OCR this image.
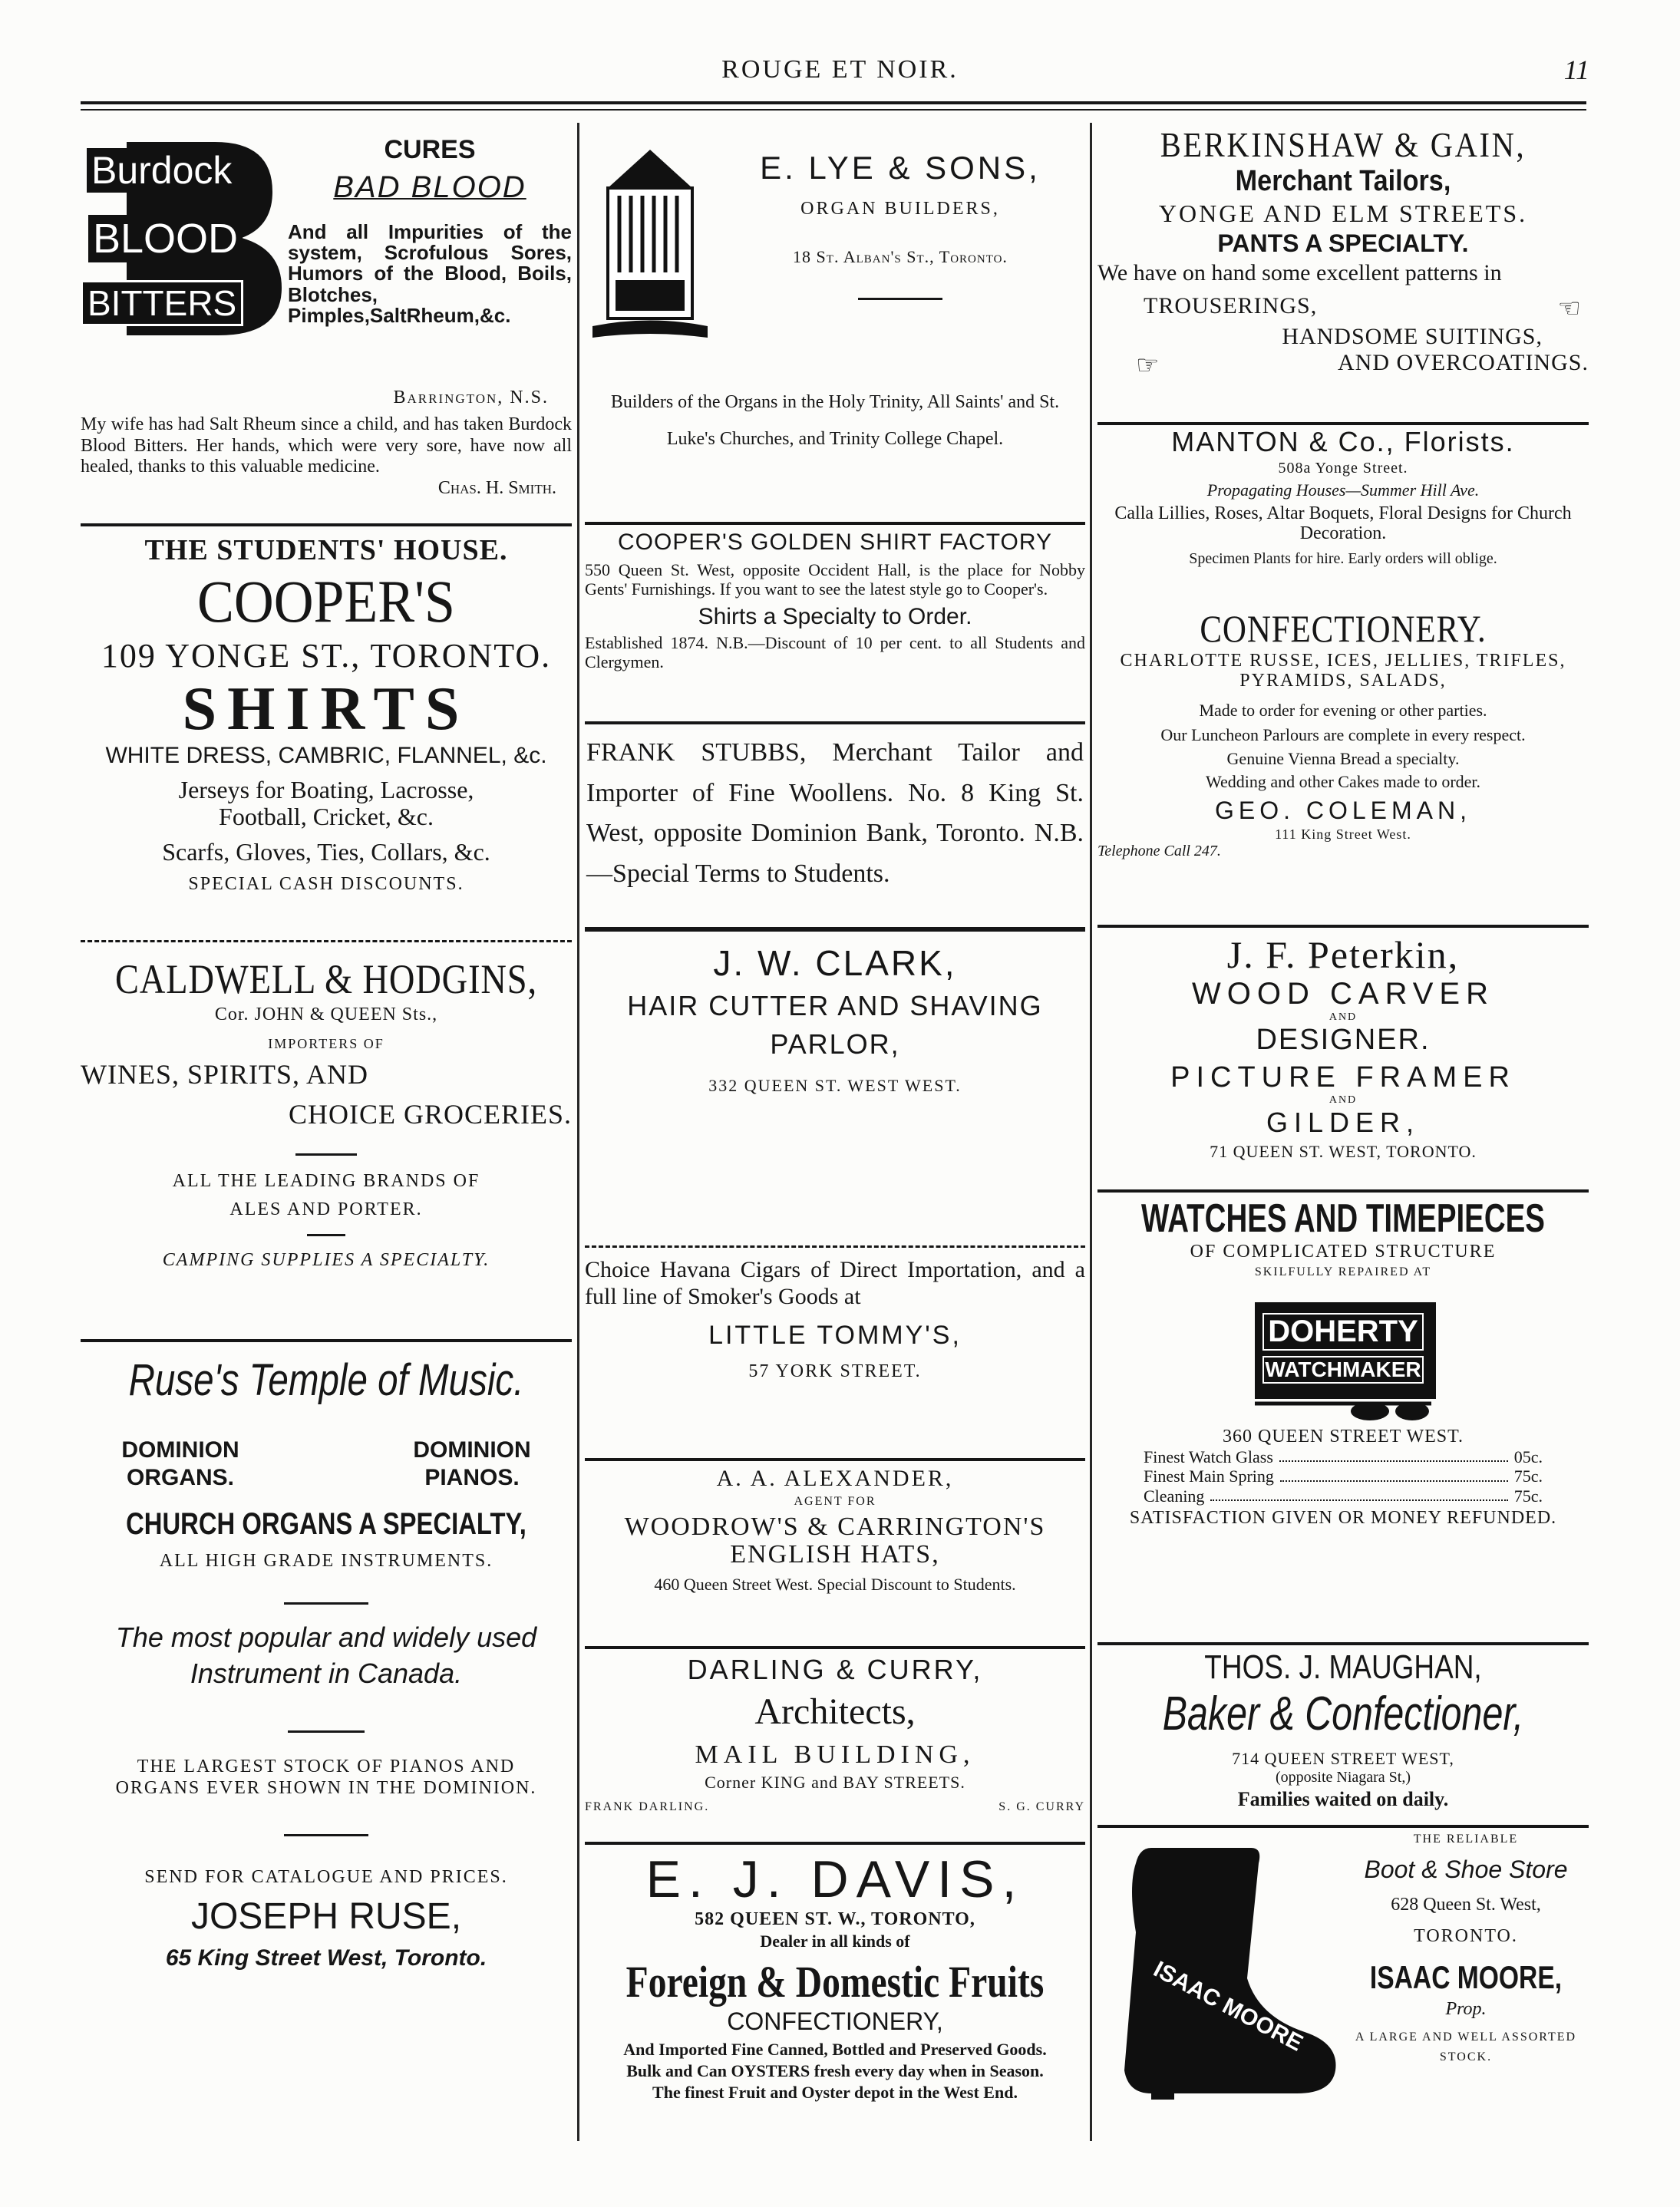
ROUGE ET NOIR.	11
Burdock
BLOOD
BITTERS
CURES
BAD BLOOD
And all Impurities of the system, Scrofulous Sores, Humors of the Blood, Boils, Blotches, Pimples,SaltRheum,&c.
Barrington, N.S.
My wife has had Salt Rheum since a child, and has taken Burdock Blood Bitters. Her hands, which were very sore, have now all healed, thanks to this valuable medicine.
Chas. H. Smith.
THE STUDENTS' HOUSE.
COOPER'S
109 YONGE ST., TORONTO.
SHIRTS
WHITE DRESS, CAMBRIC, FLANNEL, &c.
Jerseys for Boating, Lacrosse, Football, Cricket, &c.
Scarfs, Gloves, Ties, Collars, &c.
SPECIAL CASH DISCOUNTS.
CALDWELL & HODGINS,
Cor. JOHN & QUEEN Sts.,
IMPORTERS OF
WINES, SPIRITS, AND
CHOICE GROCERIES.
ALL THE LEADING BRANDS OF
ALES AND PORTER.
CAMPING SUPPLIES A SPECIALTY.
Ruse's Temple of Music.
DOMINION ORGANS.
DOMINION PIANOS.
CHURCH ORGANS A SPECIALTY,
ALL HIGH GRADE INSTRUMENTS.
The most popular and widely used Instrument in Canada.
THE LARGEST STOCK OF PIANOS AND ORGANS EVER SHOWN IN THE DOMINION.
SEND FOR CATALOGUE AND PRICES.
JOSEPH RUSE,
65 King Street West, Toronto.
E. LYE & SONS,
ORGAN BUILDERS,
18 St. Alban's St., Toronto.
Builders of the Organs in the Holy Trinity, All Saints' and St. Luke's Churches, and Trinity College Chapel.
COOPER'S GOLDEN SHIRT FACTORY
550 Queen St. West, opposite Occident Hall, is the place for Nobby Gents' Furnishings. If you want to see the latest style go to Cooper's.
Shirts a Specialty to Order.
Established 1874. N.B.—Discount of 10 per cent. to all Students and Clergymen.
FRANK STUBBS, Merchant Tailor and Importer of Fine Woollens. No. 8 King St. West, opposite Dominion Bank, Toronto. N.B.—Special Terms to Students.
J. W. CLARK,
HAIR CUTTER AND SHAVING
PARLOR,
332 QUEEN ST. WEST WEST.
Choice Havana Cigars of Direct Importation, and a full line of Smoker's Goods at
LITTLE TOMMY'S,
57 YORK STREET.
A. A. ALEXANDER,
AGENT FOR
WOODROW'S & CARRINGTON'S ENGLISH HATS,
460 Queen Street West. Special Discount to Students.
DARLING & CURRY,
Architects,
MAIL BUILDING,
Corner KING and BAY STREETS.
FRANK DARLING.	S. G. CURRY
E. J. DAVIS,
582 QUEEN ST. W., TORONTO,
Dealer in all kinds of
Foreign & Domestic Fruits
CONFECTIONERY,
And Imported Fine Canned, Bottled and Preserved Goods.
Bulk and Can OYSTERS fresh every day when in Season.
The finest Fruit and Oyster depot in the West End.
BERKINSHAW & GAIN,
Merchant Tailors,
YONGE AND ELM STREETS.
PANTS A SPECIALTY.
We have on hand some excellent patterns in
TROUSERINGS,	☜
HANDSOME SUITINGS,
☞	AND OVERCOATINGS.
MANTON & Co., Florists.
508a Yonge Street.
Propagating Houses—Summer Hill Ave.
Calla Lillies, Roses, Altar Boquets, Floral Designs for Church Decoration.
Specimen Plants for hire. Early orders will oblige.
CONFECTIONERY.
CHARLOTTE RUSSE, ICES, JELLIES, TRIFLES, PYRAMIDS, SALADS,
Made to order for evening or other parties.
Our Luncheon Parlours are complete in every respect.
Genuine Vienna Bread a specialty.
Wedding and other Cakes made to order.
GEO. COLEMAN,
111 King Street West.
Telephone Call 247.
J. F. Peterkin,
WOOD CARVER
AND
DESIGNER.
PICTURE FRAMER
AND
GILDER,
71 QUEEN ST. WEST, TORONTO.
WATCHES AND TIMEPIECES
OF COMPLICATED STRUCTURE
SKILFULLY REPAIRED AT
DOHERTY
WATCHMAKER
360 QUEEN STREET WEST.
Finest Watch Glass	05c.
Finest Main Spring	75c.
Cleaning	75c.
SATISFACTION GIVEN OR MONEY REFUNDED.
THOS. J. MAUGHAN,
Baker & Confectioner,
714 QUEEN STREET WEST,
(opposite Niagara St,)
Families waited on daily.
ISAAC MOORE
THE RELIABLE
Boot & Shoe Store
628 Queen St. West,
TORONTO.
ISAAC MOORE,
Prop.
A LARGE AND WELL ASSORTED STOCK.
